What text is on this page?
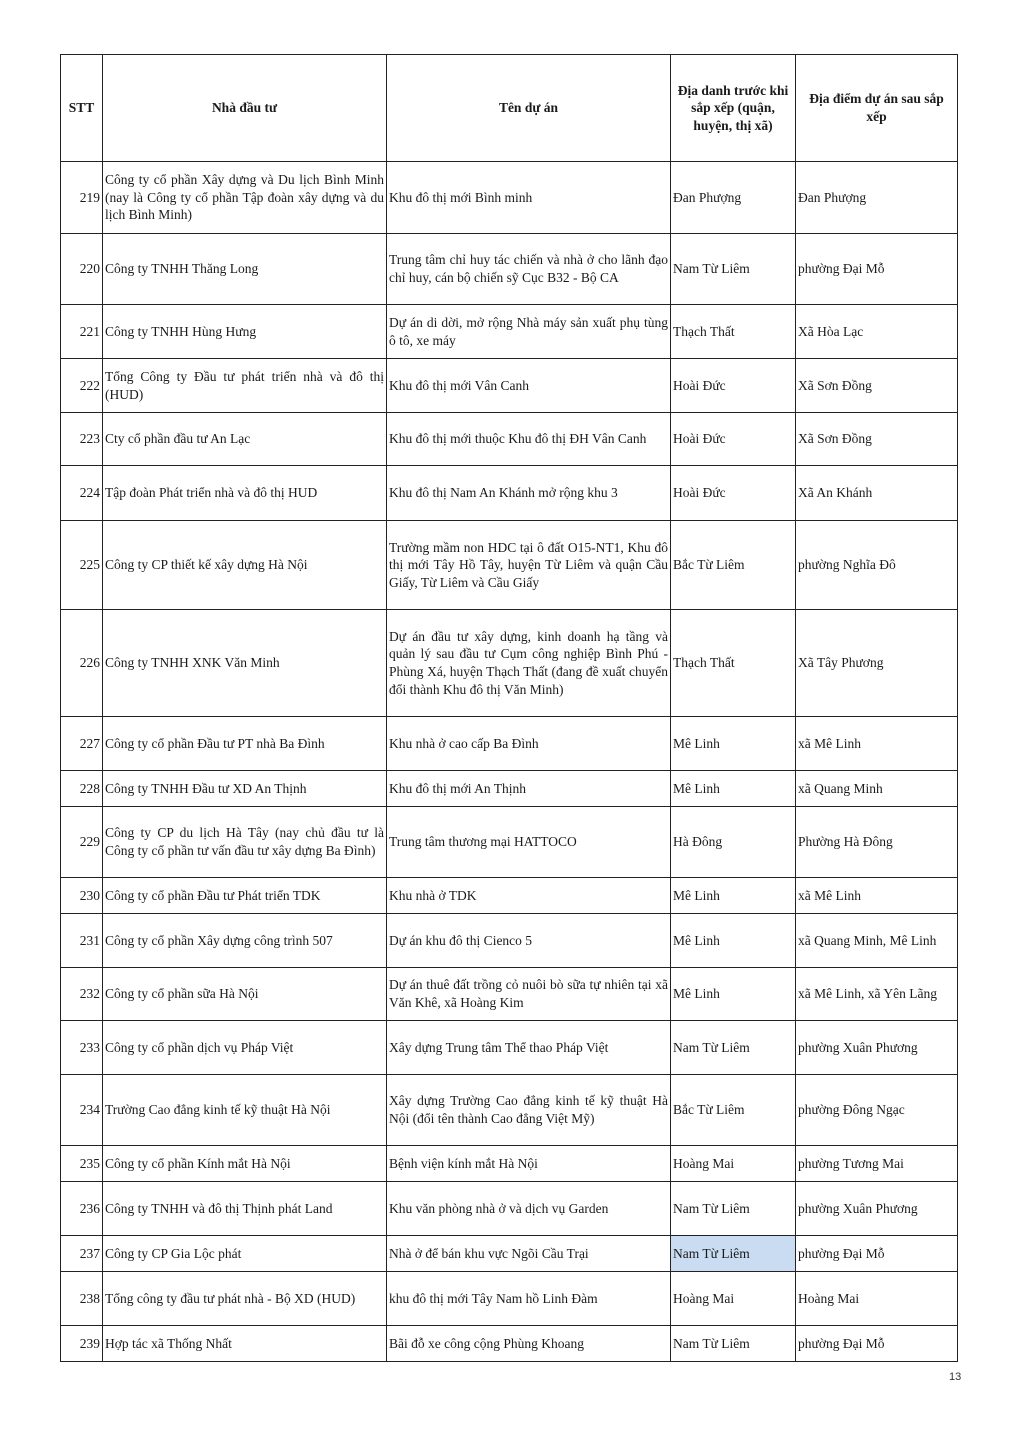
STT	Nhà đầu tư	Tên dự án	Địa danh trước khi sắp xếp (quận, huyện, thị xã)	Địa điểm dự án sau sắp xếp
219	Công ty cổ phần Xây dựng và Du lịch Bình Minh (nay là Công ty cổ phần Tập đoàn xây dựng và du lịch Bình Minh)	Khu đô thị mới Bình minh	Đan Phượng	Đan Phượng
220	Công ty TNHH Thăng Long	Trung tâm chỉ huy tác chiến và nhà ở cho lãnh đạo chỉ huy, cán bộ chiến sỹ Cục B32 - Bộ CA	Nam Từ Liêm	phường Đại Mỗ
221	Công ty TNHH Hùng Hưng	Dự án di dời, mở rộng Nhà máy sản xuất phụ tùng ô tô, xe máy	Thạch Thất	Xã Hòa Lạc
222	Tổng Công ty Đầu tư phát triển nhà và đô thị (HUD)	Khu đô thị mới Vân Canh	Hoài Đức	Xã Sơn Đồng
223	Cty cổ phần đầu tư An Lạc	Khu đô thị mới thuộc Khu đô thị ĐH Vân Canh	Hoài Đức	Xã Sơn Đồng
224	Tập đoàn Phát triển nhà và đô thị HUD	Khu đô thị Nam An Khánh mở rộng khu 3	Hoài Đức	Xã An Khánh
225	Công ty CP thiết kế xây dựng Hà Nội	Trường mầm non HDC tại ô đất O15-NT1, Khu đô thị mới Tây Hồ Tây, huyện Từ Liêm và quận Cầu Giấy, Từ Liêm và Cầu Giấy	Bắc Từ Liêm	phường Nghĩa Đô
226	Công ty TNHH XNK Văn Minh	Dự án đầu tư xây dựng, kinh doanh hạ tầng và quản lý sau đầu tư Cụm công nghiệp Bình Phú - Phùng Xá, huyện Thạch Thất (đang đề xuất chuyển đổi thành Khu đô thị Văn Minh)	Thạch Thất	Xã Tây Phương
227	Công ty cổ phần Đầu tư PT nhà Ba Đình	Khu nhà ở cao cấp Ba Đình	Mê Linh	xã Mê Linh
228	Công ty TNHH Đầu tư XD An Thịnh	Khu đô thị mới An Thịnh	Mê Linh	xã Quang Minh
229	Công ty CP du lịch Hà Tây (nay chủ đầu tư là Công ty cổ phần tư vấn đầu tư xây dựng Ba Đình)	Trung tâm thương mại HATTOCO	Hà Đông	Phường Hà Đông
230	Công ty cổ phần Đầu tư Phát triển TDK	Khu nhà ở TDK	Mê Linh	xã Mê Linh
231	Công ty cổ phần Xây dựng công trình 507	Dự án khu đô thị Cienco 5	Mê Linh	xã Quang Minh, Mê Linh
232	Công ty cổ phần sữa Hà Nội	Dự án thuê đất trồng cỏ nuôi bò sữa tự nhiên tại xã Văn Khê, xã Hoàng Kim	Mê Linh	xã Mê Linh, xã Yên Lãng
233	Công ty cổ phần dịch vụ Pháp Việt	Xây dựng Trung tâm Thể thao Pháp Việt	Nam Từ Liêm	phường Xuân Phương
234	Trường Cao đẳng kinh tế kỹ thuật Hà Nội	Xây dựng Trường Cao đẳng kinh tế kỹ thuật Hà Nội (đổi tên thành Cao đẳng Việt Mỹ)	Bắc Từ Liêm	phường Đông Ngạc
235	Công ty cổ phần Kính mắt Hà Nội	Bệnh viện kính mắt Hà Nội	Hoàng Mai	phường Tương Mai
236	Công ty TNHH và đô thị Thịnh phát Land	Khu văn phòng nhà ở và dịch vụ Garden	Nam Từ Liêm	phường Xuân Phương
237	Công ty CP Gia Lộc phát	Nhà ở để bán khu vực Ngõi Cầu Trại	Nam Từ Liêm	phường Đại Mỗ
238	Tổng công ty đầu tư phát nhà - Bộ XD (HUD)	khu đô thị mới Tây Nam hồ Linh Đàm	Hoàng Mai	Hoàng Mai
239	Hợp tác xã Thống Nhất	Bãi đỗ xe công cộng Phùng Khoang	Nam Từ Liêm	phường Đại Mỗ
13
